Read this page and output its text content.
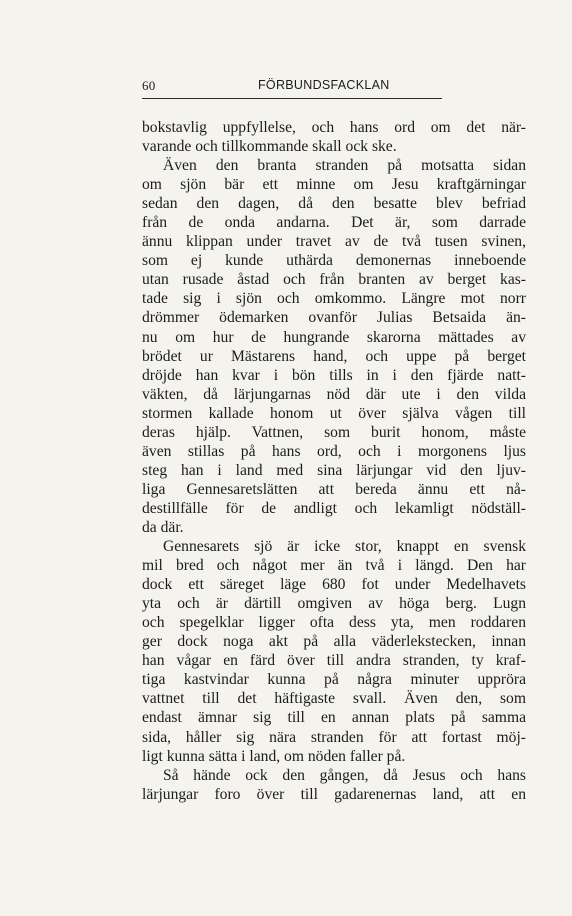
60	FÖRBUNDSFACKLAN
bokstavlig uppfyllelse, och hans ord om det när-
varande och tillkommande skall ock ske.
Även den branta stranden på motsatta sidan
om sjön bär ett minne om Jesu kraftgärningar
sedan den dagen, då den besatte blev befriad
från de onda andarna. Det är, som darrade
ännu klippan under travet av de två tusen svinen,
som ej kunde uthärda demonernas inneboende
utan rusade åstad och från branten av berget kas-
tade sig i sjön och omkommo. Längre mot norr
drömmer ödemarken ovanför Julias Betsaida än-
nu om hur de hungrande skarorna mättades av
brödet ur Mästarens hand, och uppe på berget
dröjde han kvar i bön tills in i den fjärde natt-
väkten, då lärjungarnas nöd där ute i den vilda
stormen kallade honom ut över själva vågen till
deras hjälp. Vattnen, som burit honom, måste
även stillas på hans ord, och i morgonens ljus
steg han i land med sina lärjungar vid den ljuv-
liga Gennesaretslätten att bereda ännu ett nå-
destillfälle för de andligt och lekamligt nödställ-
da där.
Gennesarets sjö är icke stor, knappt en svensk
mil bred och något mer än två i längd. Den har
dock ett säreget läge 680 fot under Medelhavets
yta och är därtill omgiven av höga berg. Lugn
och spegelklar ligger ofta dess yta, men roddaren
ger dock noga akt på alla väderlekstecken, innan
han vågar en färd över till andra stranden, ty kraf-
tiga kastvindar kunna på några minuter uppröra
vattnet till det häftigaste svall. Även den, som
endast ämnar sig till en annan plats på samma
sida, håller sig nära stranden för att fortast möj-
ligt kunna sätta i land, om nöden faller på.
Så hände ock den gången, då Jesus och hans
lärjungar foro över till gadarenernas land, att en
